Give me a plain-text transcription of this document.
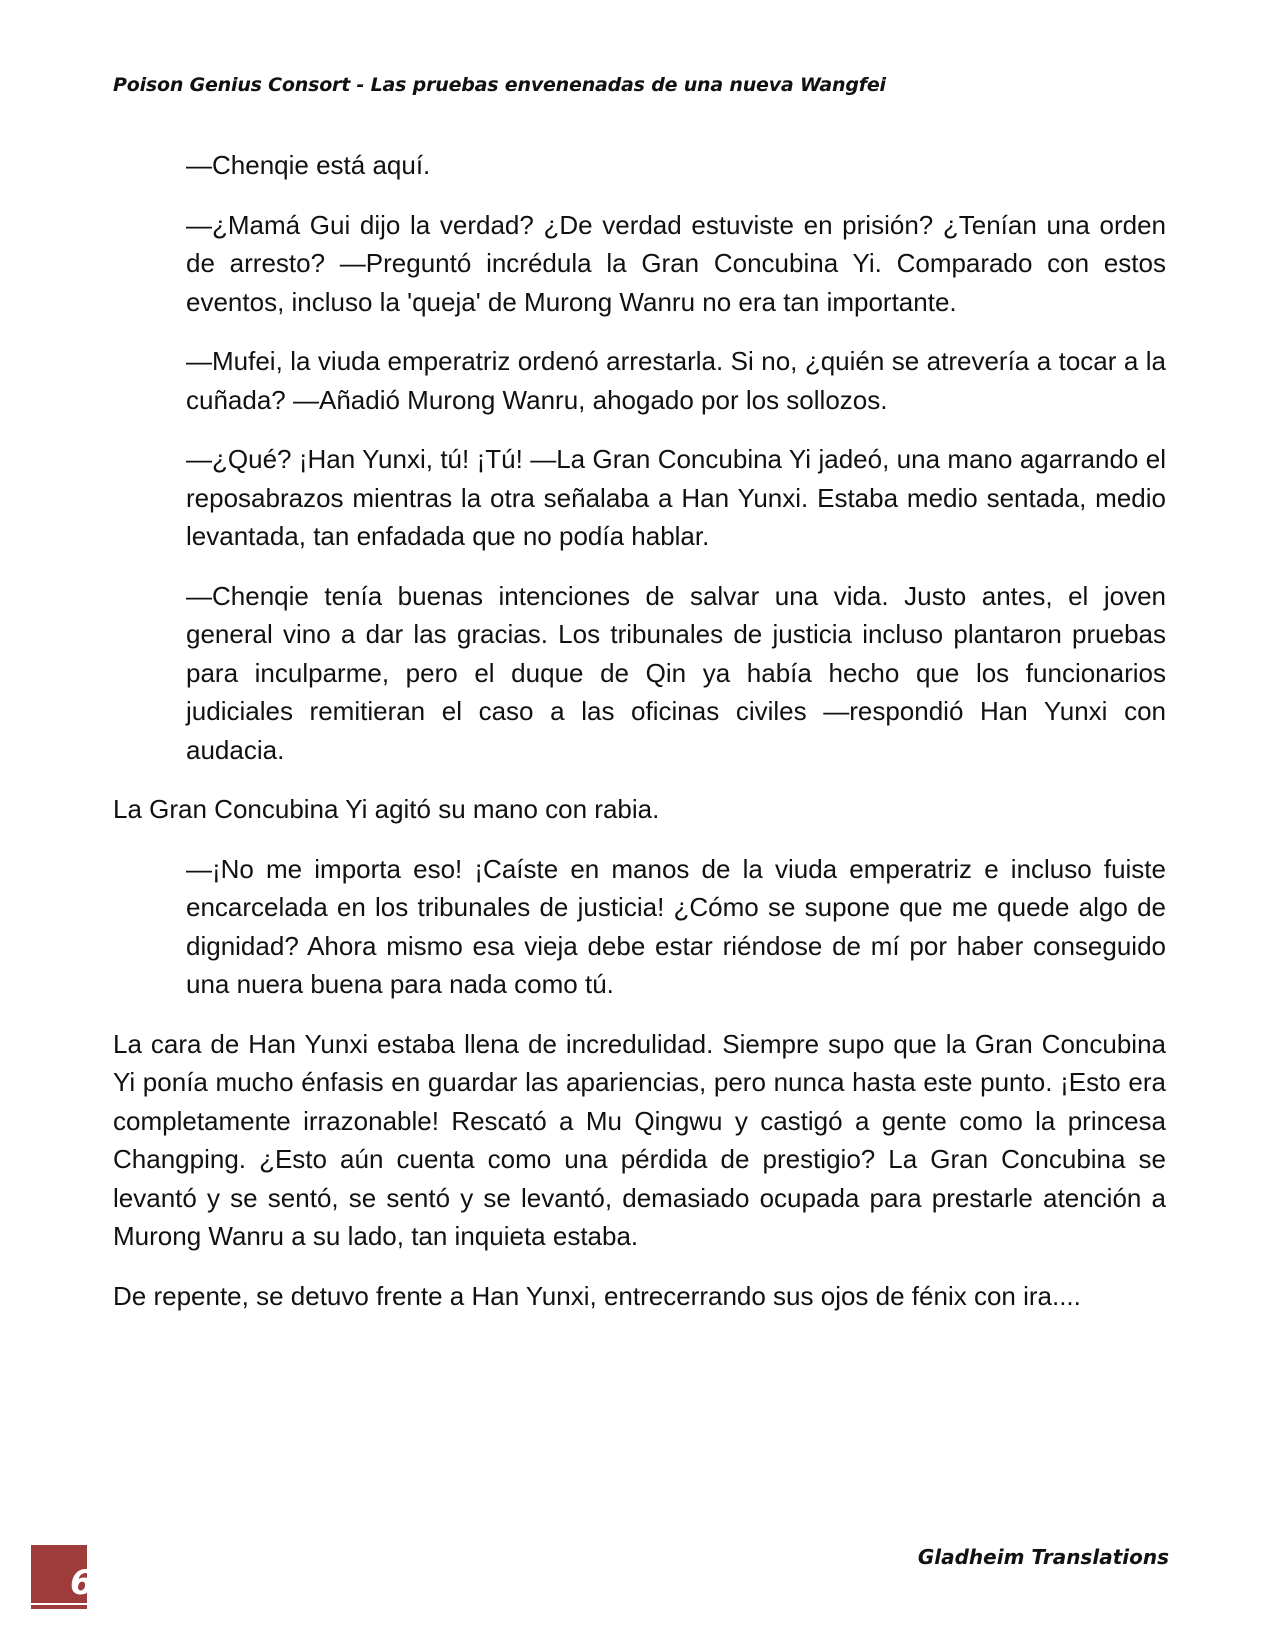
Poison Genius Consort - Las pruebas envenenadas de una nueva Wangfei

—Chenqie está aquí.

—¿Mamá Gui dijo la verdad? ¿De verdad estuviste en prisión? ¿Tenían una orden de arresto? —Preguntó incrédula la Gran Concubina Yi. Comparado con estos eventos, incluso la 'queja' de Murong Wanru no era tan importante.

—Mufei, la viuda emperatriz ordenó arrestarla. Si no, ¿quién se atrevería a tocar a la cuñada? —Añadió Murong Wanru, ahogado por los sollozos.

—¿Qué? ¡Han Yunxi, tú! ¡Tú! —La Gran Concubina Yi jadeó, una mano agarrando el reposabrazos mientras la otra señalaba a Han Yunxi. Estaba medio sentada, medio levantada, tan enfadada que no podía hablar.

—Chenqie tenía buenas intenciones de salvar una vida. Justo antes, el joven general vino a dar las gracias. Los tribunales de justicia incluso plantaron pruebas para inculparme, pero el duque de Qin ya había hecho que los funcionarios judiciales remitieran el caso a las oficinas civiles —respondió Han Yunxi con audacia.

La Gran Concubina Yi agitó su mano con rabia.

—¡No me importa eso! ¡Caíste en manos de la viuda emperatriz e incluso fuiste encarcelada en los tribunales de justicia! ¿Cómo se supone que me quede algo de dignidad? Ahora mismo esa vieja debe estar riéndose de mí por haber conseguido una nuera buena para nada como tú.

La cara de Han Yunxi estaba llena de incredulidad. Siempre supo que la Gran Concubina Yi ponía mucho énfasis en guardar las apariencias, pero nunca hasta este punto. ¡Esto era completamente irrazonable! Rescató a Mu Qingwu y castigó a gente como la princesa Changping. ¿Esto aún cuenta como una pérdida de prestigio? La Gran Concubina se levantó y se sentó, se sentó y se levantó, demasiado ocupada para prestarle atención a Murong Wanru a su lado, tan inquieta estaba.

De repente, se detuvo frente a Han Yunxi, entrecerrando sus ojos de fénix con ira....

6
Gladheim Translations
